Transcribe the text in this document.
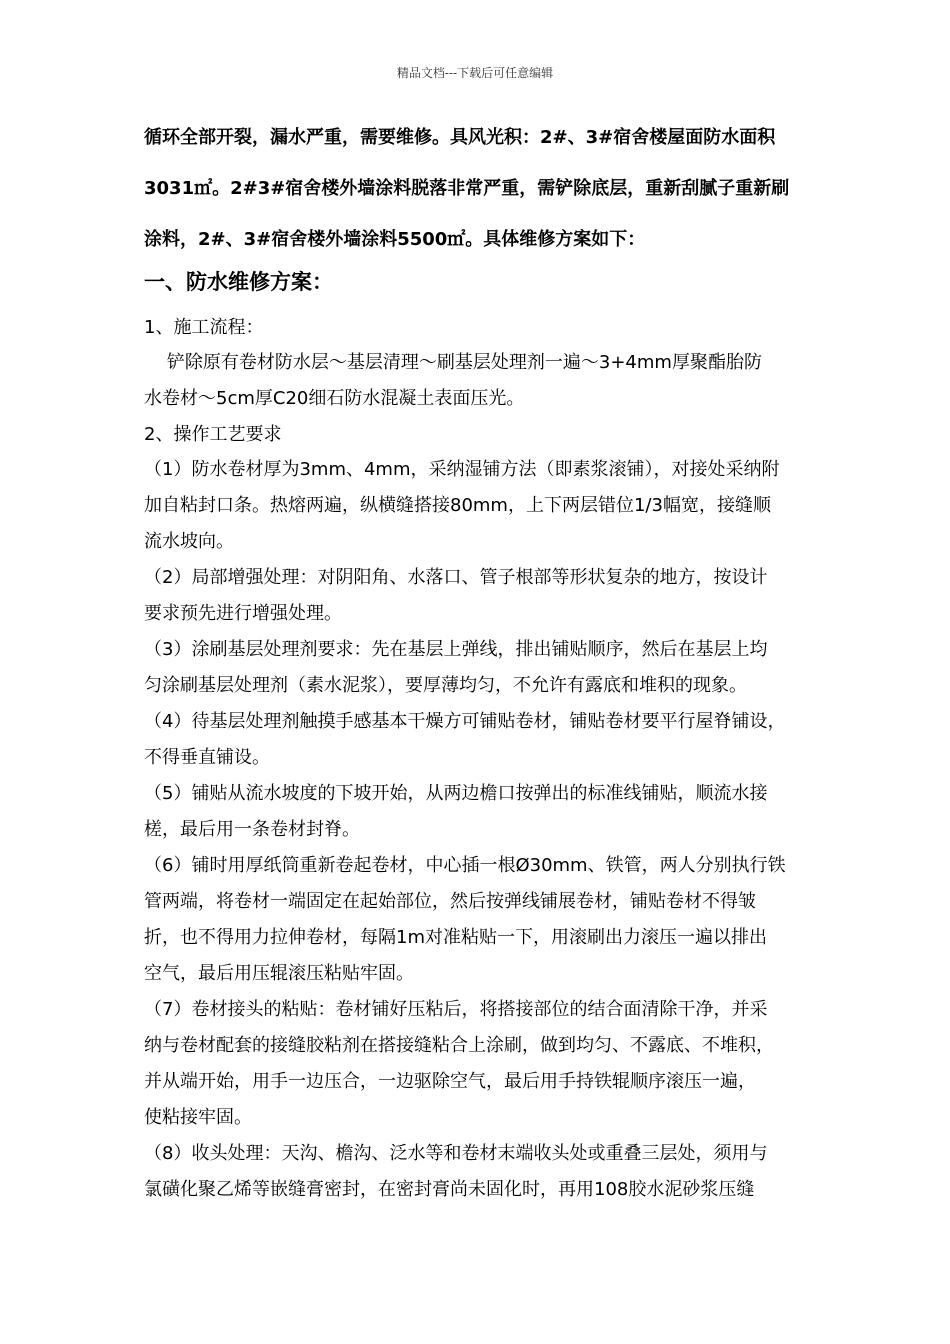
精品文档---下载后可任意编辑
循环全部开裂，漏水严重，需要维修。具风光积：2#、3#宿舍楼屋面防水面积
3031㎡。2#3#宿舍楼外墙涂料脱落非常严重，需铲除底层，重新刮腻子重新刷
涂料，2#、3#宿舍楼外墙涂料5500㎡。具体维修方案如下：
一、防水维修方案：
1、施工流程：
铲除原有卷材防水层～基层清理～刷基层处理剂一遍～3+4mm厚聚酯胎防
水卷材～5cm厚C20细石防水混凝土表面压光。
2、操作工艺要求
（1）防水卷材厚为3mm、4mm，采纳湿铺方法（即素浆滚铺），对接处采纳附
加自粘封口条。热熔两遍，纵横缝搭接80mm，上下两层错位1/3幅宽，接缝顺
流水坡向。
（2）局部增强处理：对阴阳角、水落口、管子根部等形状复杂的地方，按设计
要求预先进行增强处理。
（3）涂刷基层处理剂要求：先在基层上弹线，排出铺贴顺序，然后在基层上均
匀涂刷基层处理剂（素水泥浆），要厚薄均匀，不允许有露底和堆积的现象。
（4）待基层处理剂触摸手感基本干燥方可铺贴卷材，铺贴卷材要平行屋脊铺设，
不得垂直铺设。
（5）铺贴从流水坡度的下坡开始，从两边檐口按弹出的标准线铺贴，顺流水接
槎，最后用一条卷材封脊。
（6）铺时用厚纸筒重新卷起卷材，中心插一根Ø30mm、铁管，两人分别执行铁
管两端，将卷材一端固定在起始部位，然后按弹线铺展卷材，铺贴卷材不得皱
折，也不得用力拉伸卷材，每隔1m对准粘贴一下，用滚刷出力滚压一遍以排出
空气，最后用压辊滚压粘贴牢固。
（7）卷材接头的粘贴：卷材铺好压粘后，将搭接部位的结合面清除干净，并采
纳与卷材配套的接缝胶粘剂在搭接缝粘合上涂刷，做到均匀、不露底、不堆积，
并从端开始，用手一边压合，一边驱除空气，最后用手持铁辊顺序滚压一遍，
使粘接牢固。
（8）收头处理：天沟、檐沟、泛水等和卷材末端收头处或重叠三层处，须用与
氯磺化聚乙烯等嵌缝膏密封，在密封膏尚未固化时，再用108胶水泥砂浆压缝
